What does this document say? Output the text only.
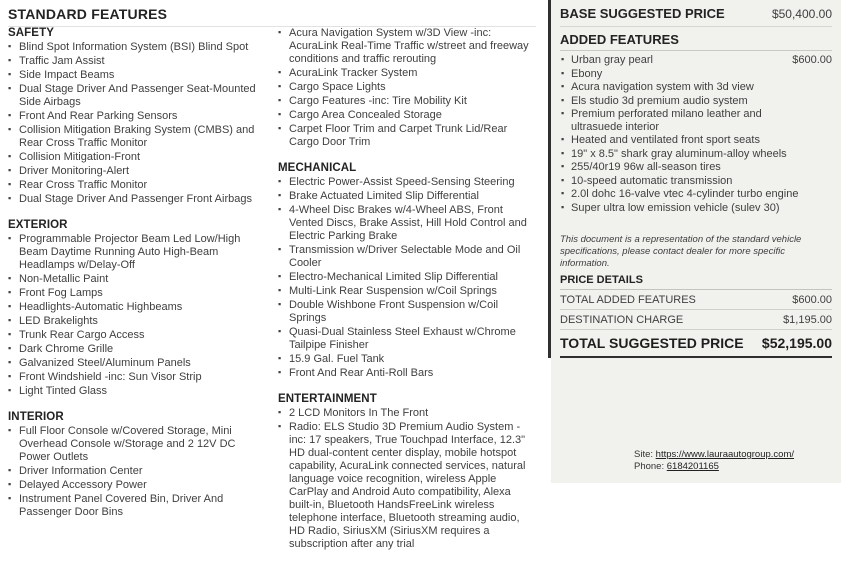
STANDARD FEATURES
SAFETY
▪ Blind Spot Information System (BSI) Blind Spot
▪ Traffic Jam Assist
▪ Side Impact Beams
▪ Dual Stage Driver And Passenger Seat-Mounted Side Airbags
▪ Front And Rear Parking Sensors
▪ Collision Mitigation Braking System (CMBS) and Rear Cross Traffic Monitor
▪ Collision Mitigation-Front
▪ Driver Monitoring-Alert
▪ Rear Cross Traffic Monitor
▪ Dual Stage Driver And Passenger Front Airbags
EXTERIOR
▪ Programmable Projector Beam Led Low/High Beam Daytime Running Auto High-Beam Headlamps w/Delay-Off
▪ Non-Metallic Paint
▪ Front Fog Lamps
▪ Headlights-Automatic Highbeams
▪ LED Brakelights
▪ Trunk Rear Cargo Access
▪ Dark Chrome Grille
▪ Galvanized Steel/Aluminum Panels
▪ Front Windshield -inc: Sun Visor Strip
▪ Light Tinted Glass
INTERIOR
▪ Full Floor Console w/Covered Storage, Mini Overhead Console w/Storage and 2 12V DC Power Outlets
▪ Driver Information Center
▪ Delayed Accessory Power
▪ Instrument Panel Covered Bin, Driver And Passenger Door Bins
▪ Acura Navigation System w/3D View -inc: AcuraLink Real-Time Traffic w/street and freeway conditions and traffic rerouting
▪ AcuraLink Tracker System
▪ Cargo Space Lights
▪ Cargo Features -inc: Tire Mobility Kit
▪ Cargo Area Concealed Storage
▪ Carpet Floor Trim and Carpet Trunk Lid/Rear Cargo Door Trim
MECHANICAL
▪ Electric Power-Assist Speed-Sensing Steering
▪ Brake Actuated Limited Slip Differential
▪ 4-Wheel Disc Brakes w/4-Wheel ABS, Front Vented Discs, Brake Assist, Hill Hold Control and Electric Parking Brake
▪ Transmission w/Driver Selectable Mode and Oil Cooler
▪ Electro-Mechanical Limited Slip Differential
▪ Multi-Link Rear Suspension w/Coil Springs
▪ Double Wishbone Front Suspension w/Coil Springs
▪ Quasi-Dual Stainless Steel Exhaust w/Chrome Tailpipe Finisher
▪ 15.9 Gal. Fuel Tank
▪ Front And Rear Anti-Roll Bars
ENTERTAINMENT
▪ 2 LCD Monitors In The Front
▪ Radio: ELS Studio 3D Premium Audio System -inc: 17 speakers, True Touchpad Interface, 12.3" HD dual-content center display, mobile hotspot capability, AcuraLink connected services, natural language voice recognition, wireless Apple CarPlay and Android Auto compatibility, Alexa built-in, Bluetooth HandsFreeLink wireless telephone interface, Bluetooth streaming audio, HD Radio, SiriusXM (SiriusXM requires a subscription after any trial
BASE SUGGESTED PRICE	$50,400.00
ADDED FEATURES
▪ Urban gray pearl	$600.00
▪ Ebony
▪ Acura navigation system with 3d view
▪ Els studio 3d premium audio system
▪ Premium perforated milano leather and ultrasuede interior
▪ Heated and ventilated front sport seats
▪ 19" x 8.5" shark gray aluminum-alloy wheels
▪ 255/40r19 96w all-season tires
▪ 10-speed automatic transmission
▪ 2.0l dohc 16-valve vtec 4-cylinder turbo engine
▪ Super ultra low emission vehicle (sulev 30)

This document is a representation of the standard vehicle specifications, please contact dealer for more specific information.

PRICE DETAILS
TOTAL ADDED FEATURES	$600.00
DESTINATION CHARGE	$1,195.00
TOTAL SUGGESTED PRICE $52,195.00
Site: https://www.lauraautogroup.com/
Phone: 6184201165
